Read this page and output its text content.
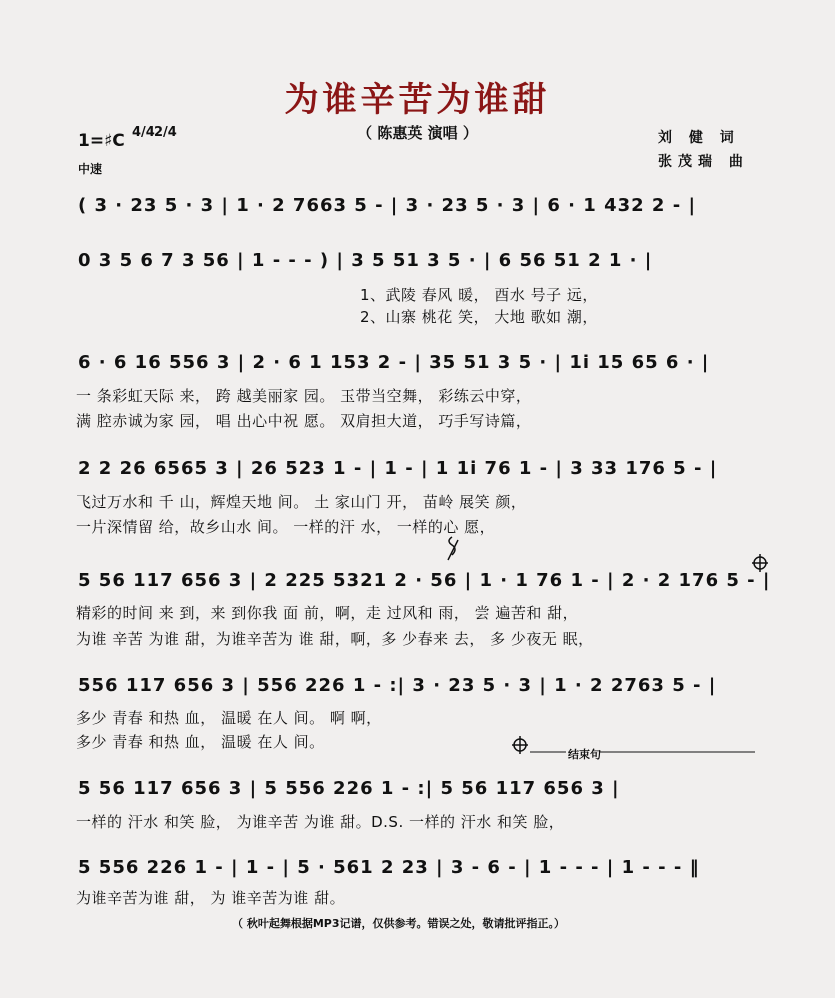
为谁辛苦为谁甜
（ 陈惠英 演唱 ）	刘 健 词
张茂瑞 曲
1=♯C 4/4 2/4
中速
( 3 · 23 5 · 3 | 1 · 2 7663 5 - | 3 · 23 5 · 3 | 6 · 1 432 2 - |
0 3 5 6 7 3 56 | 1 - - - ) | 3 5 51 3 5 · | 6 56 51 2 1 · |
1、武陵 春风 暖， 酉水 号子 远，
2、山寨 桃花 笑， 大地 歌如 潮，
6 · 6 16 556 3 | 2 · 6 1 153 2 - | 35 51 3 5 · | 1i 15 65 6 · |
一 条彩虹天际 来， 跨 越美丽家 园。 玉带当空舞， 彩练云中穿，
满 腔赤诚为家 园， 唱 出心中祝 愿。 双肩担大道， 巧手写诗篇，
2 2 26 6565 3 | 26 523 1 - | 1 - | 1 1i 76 1 - | 3 33 176 5 - |
飞过万水和 千 山，辉煌天地 间。 土 家山门 开， 苗岭 展笑 颜，
一片深情留 给，故乡山水 间。 一样的汗 水， 一样的心 愿，
5 56 117 656 3 | 2 225 5321 2 · 56 | 1 · 1 76 1 - | 2 · 2 176 5 - |
精彩的时间 来 到，来 到你我 面 前，啊，走 过风和 雨， 尝 遍苦和 甜，
为谁 辛苦 为谁 甜，为谁辛苦为 谁 甜，啊，多 少春来 去， 多 少夜无 眠，
556 117 656 3 | 556 226 1 - :| 3 · 23 5 · 3 | 1 · 2 2763 5 - |
多少 青春 和热 血， 温暖 在人 间。 啊 啊，
多少 青春 和热 血， 温暖 在人 间。
结束句
5 56 117 656 3 | 5 556 226 1 - :| 5 56 117 656 3 |
一样的 汗水 和笑 脸， 为谁辛苦 为谁 甜。D.S. 一样的 汗水 和笑 脸，
5 556 226 1 - | 1 - | 5 · 561 2 23 | 3 - 6 - | 1 - - - | 1 - - - ‖
为谁辛苦为谁 甜， 为 谁辛苦为谁 甜。
（ 秋叶起舞根据MP3记谱，仅供参考。错误之处，敬请批评指正。）
